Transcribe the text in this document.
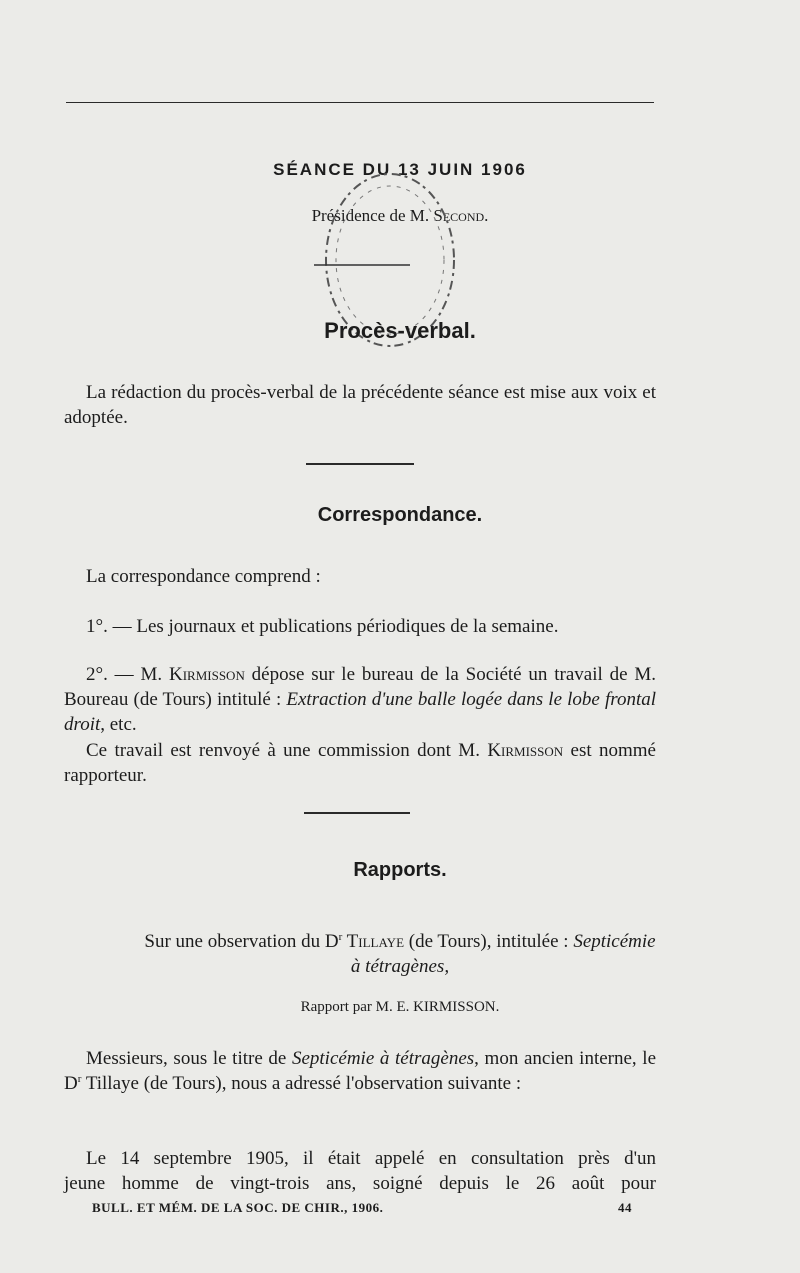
SÉANCE DU 13 JUIN 1906
Présidence de M. Second.
Procès-verbal.

La rédaction du procès-verbal de la précédente séance est mise aux voix et adoptée.

Correspondance.

La correspondance comprend :

1°. — Les journaux et publications périodiques de la semaine.

2°. — M. Kirmisson dépose sur le bureau de la Société un travail de M. Boureau (de Tours) intitulé : Extraction d'une balle logée dans le lobe frontal droit, etc.

Ce travail est renvoyé à une commission dont M. Kirmisson est nommé rapporteur.

Rapports.
Sur une observation du $D^r$ Tillaye (de Tours), intitulée : Septicémie
à tétragènes,
Rapport par M. E. KIRMISSON.

Messieurs, sous le titre de Septicémie à tétragènes, mon ancien interne, le $D^r$ Tillaye (de Tours), nous a adressé l'observation suivante :

Le 14 septembre 1905, il était appelé en consultation près d'un
jeune homme de vingt-trois ans, soigné depuis le 26 août pour

BULL. ET MÉM. DE LA SOC. DE CHIR., 1906.	44
